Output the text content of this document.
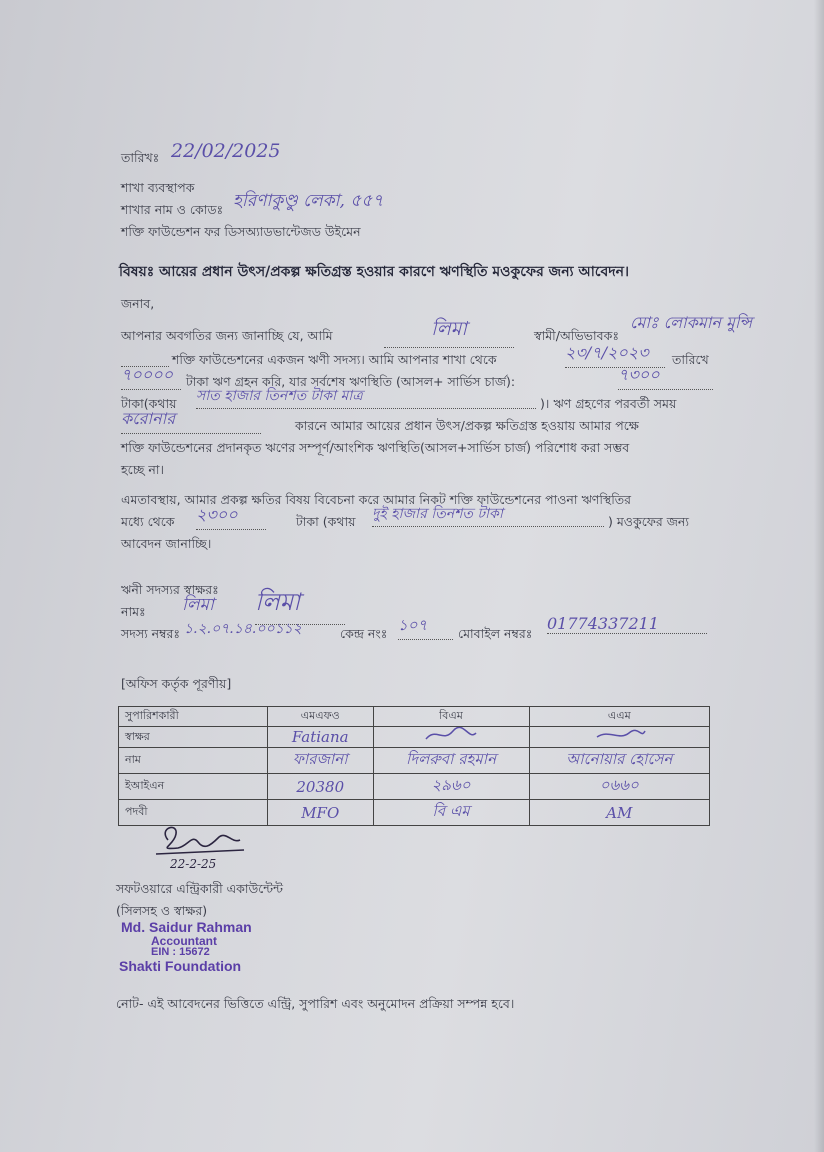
তারিখঃ 22/02/2025
শাখা ব্যবস্থাপক
শাখার নাম ও কোডঃ হরিণাকুণ্ডু লেকা, ৫৫৭
শক্তি ফাউন্ডেশন ফর ডিসঅ্যাডভান্টেজড উইমেন
বিষয়ঃ আয়ের প্রধান উৎস/প্রকল্প ক্ষতিগ্রস্ত হওয়ার কারণে ঋণস্থিতি মওকুফের জন্য আবেদন।
জনাব,
আপনার অবগতির জন্য জানাচ্ছি যে, আমি	লিমা	স্বামী/অভিভাবকঃ
মোঃ লোকমান মুন্সি
শক্তি ফাউন্ডেশনের একজন ঋণী সদস্য। আমি আপনার শাখা থেকে	২৩/৭/২০২৩	তারিখে
৭০০০০	টাকা ঋণ গ্রহন করি, যার সর্বশেষ ঋণস্থিতি (আসল+ সার্ভিস চার্জ):	৭৩০০
টাকা(কথায় সাত হাজার তিনশত টাকা মাত্র	)। ঋণ গ্রহণের পরবর্তী সময়
করোনার	কারনে আমার আয়ের প্রধান উৎস/প্রকল্প ক্ষতিগ্রস্ত হওয়ায় আমার পক্ষে
শক্তি ফাউন্ডেশনের প্রদানকৃত ঋণের সম্পূর্ণ/আংশিক ঋণস্থিতি(আসল+সার্ভিস চার্জ) পরিশোধ করা সম্ভব
হচ্ছে না।
এমতাবস্থায়, আমার প্রকল্প ক্ষতির বিষয় বিবেচনা করে আমার নিকট শক্তি ফাউন্ডেশনের পাওনা ঋণস্থিতির
মধ্যে থেকে ২৩০০	টাকা (কথায় দুই হাজার তিনশত টাকা	) মওকুফের জন্য
আবেদন জানাচ্ছি।
ঋনী সদস্যর স্বাক্ষরঃ
লিমা
নামঃ	লিমা
সদস্য নম্বরঃ ১.২.০৭.১৪.০০১১২	কেন্দ্র নংঃ ১০৭	মোবাইল নম্বরঃ
01774337211
[অফিস কর্তৃক পূরণীয়]
সুপারিশকারী	এমএফও	বিএম	এএম
স্বাক্ষর	Fatiana		
নাম	ফারজানা	দিলরুবা রহমান	আনোয়ার হোসেন
ইআইএন	20380	২৯৬০	০৬৬০
পদবী	MFO	বি এম	AM
22-2-25
সফটওয়ারে এন্ট্রিকারী একাউন্টেন্ট
(সিলসহ ও স্বাক্ষর)
Md. Saidur Rahman
Accountant
EIN : 15672
Shakti Foundation
নোট- এই আবেদনের ভিত্তিতে এন্ট্রি, সুপারিশ এবং অনুমোদন প্রক্রিয়া সম্পন্ন হবে।
